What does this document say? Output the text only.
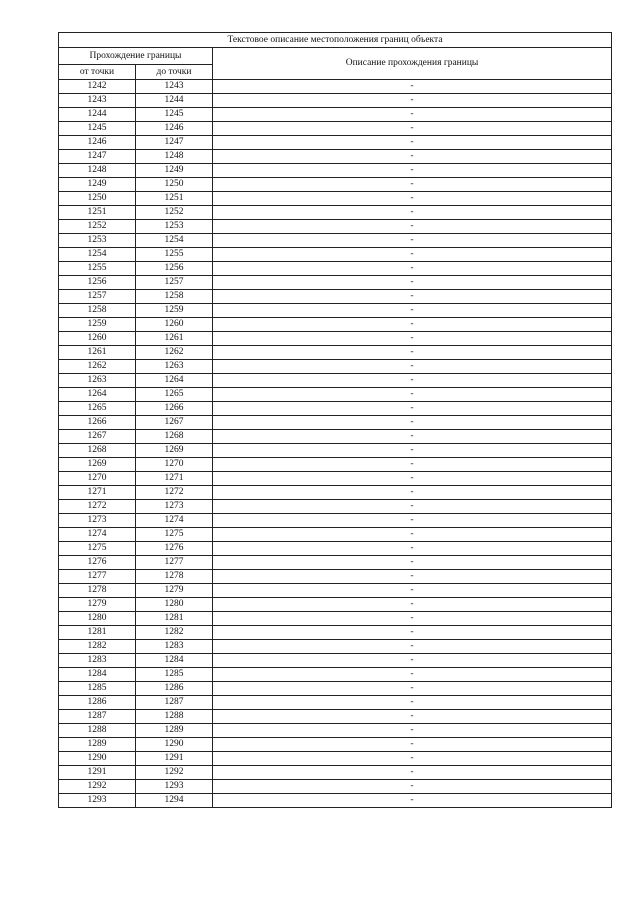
Текстовое описание местоположения границ объекта		
Прохождение границы		Описание прохождения границы
от точки	до точки	
1242	1243	-
1243	1244	-
1244	1245	-
1245	1246	-
1246	1247	-
1247	1248	-
1248	1249	-
1249	1250	-
1250	1251	-
1251	1252	-
1252	1253	-
1253	1254	-
1254	1255	-
1255	1256	-
1256	1257	-
1257	1258	-
1258	1259	-
1259	1260	-
1260	1261	-
1261	1262	-
1262	1263	-
1263	1264	-
1264	1265	-
1265	1266	-
1266	1267	-
1267	1268	-
1268	1269	-
1269	1270	-
1270	1271	-
1271	1272	-
1272	1273	-
1273	1274	-
1274	1275	-
1275	1276	-
1276	1277	-
1277	1278	-
1278	1279	-
1279	1280	-
1280	1281	-
1281	1282	-
1282	1283	-
1283	1284	-
1284	1285	-
1285	1286	-
1286	1287	-
1287	1288	-
1288	1289	-
1289	1290	-
1290	1291	-
1291	1292	-
1292	1293	-
1293	1294	-
